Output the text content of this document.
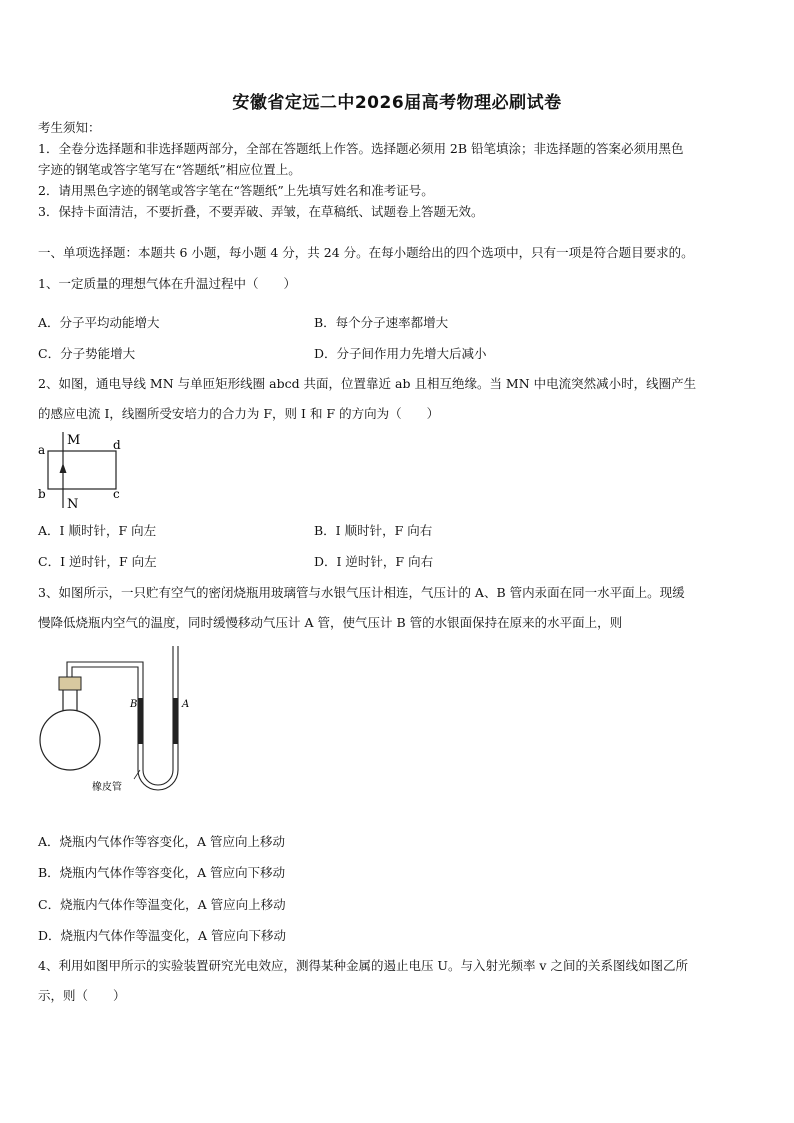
安徽省定远二中2026届高考物理必刷试卷
考生须知：
1．全卷分选择题和非选择题两部分，全部在答题纸上作答。选择题必须用 2B 铅笔填涂；非选择题的答案必须用黑色
字迹的钢笔或答字笔写在“答题纸”相应位置上。
2．请用黑色字迹的钢笔或答字笔在“答题纸”上先填写姓名和准考证号。
3．保持卡面清洁，不要折叠，不要弄破、弄皱，在草稿纸、试题卷上答题无效。
一、单项选择题：本题共 6 小题，每小题 4 分，共 24 分。在每小题给出的四个选项中，只有一项是符合题目要求的。
1、一定质量的理想气体在升温过程中（　　）
A．分子平均动能增大	B．每个分子速率都增大
C．分子势能增大	D．分子间作用力先增大后减小
2、如图，通电导线 MN 与单匝矩形线圈 abcd 共面，位置靠近 ab 且相互绝缘。当 MN 中电流突然减小时，线圈产生
的感应电流 I，线圈所受安培力的合力为 F，则 I 和 F 的方向为（　　）
M
N
a
b
d
c
A．I 顺时针，F 向左	B．I 顺时针，F 向右
C．I 逆时针，F 向左	D．I 逆时针，F 向右
3、如图所示，一只贮有空气的密闭烧瓶用玻璃管与水银气压计相连，气压计的 A、B 管内汞面在同一水平面上。现缓
慢降低烧瓶内空气的温度，同时缓慢移动气压计 A 管，使气压计 B 管的水银面保持在原来的水平面上，则
B	A
橡皮管
A．烧瓶内气体作等容变化，A 管应向上移动
B．烧瓶内气体作等容变化，A 管应向下移动
C．烧瓶内气体作等温变化，A 管应向上移动
D．烧瓶内气体作等温变化，A 管应向下移动
4、利用如图甲所示的实验装置研究光电效应，测得某种金属的遏止电压 U。与入射光频率 v 之间的关系图线如图乙所
示，则（　　）
